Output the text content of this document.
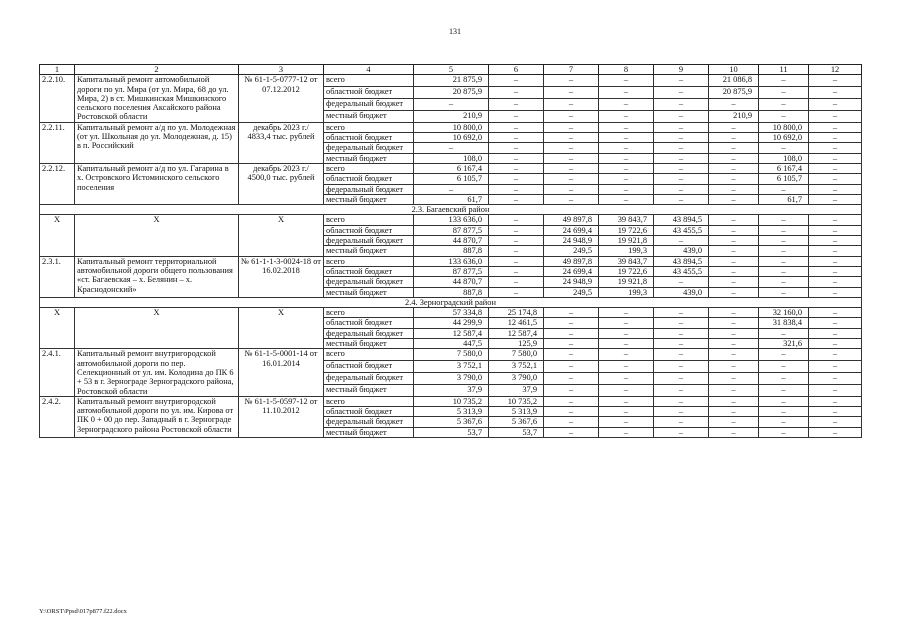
131
1	2	3	4	5	6	7	8	9	10	11	12
2.2.10.	Капитальный ремонт автомобильной дороги по ул. Мира (от ул. Мира, 68 до ул. Мира, 2) в ст. Мишкинская Мишкинского сельского поселения Аксайского района Ростовской области	№ 61-1-5-0777-12 от 07.12.2012	всего	21 875,9	–	–	–	–	21 086,8	–	–
			областной бюджет	20 875,9	–	–	–	–	20 875,9	–	–
			федеральный бюджет	–	–	–	–	–	–	–	–
			местный бюджет	210,9	–	–	–	–	210,9	–	–
2.2.11.	Капитальный ремонт а/д по ул. Молодежная (от ул. Школьная до ул. Молодежная, д. 15) в п. Российский	декабрь 2023 г./ 4833,4 тыс. рублей	всего	10 800,0	–	–	–	–	–	10 800,0	–
			областной бюджет	10 692,0	–	–	–	–	–	10 692,0	–
			федеральный бюджет	–	–	–	–	–	–	–	–
			местный бюджет	108,0	–	–	–	–	–	108,0	–
2.2.12.	Капитальный ремонт а/д по ул. Гагарина в х. Островского Истоминского сельского поселения	декабрь 2023 г./ 4500,0 тыс. рублей	всего	6 167,4	–	–	–	–	–	6 167,4	–
			областной бюджет	6 105,7	–	–	–	–	–	6 105,7	–
			федеральный бюджет	–	–	–	–	–	–	–	–
			местный бюджет	61,7	–	–	–	–	–	61,7	–
2.3. Багаевский район											
Х	Х	Х	всего	133 636,0	–	49 897,8	39 843,7	43 894,5	–	–	–
			областной бюджет	87 877,5	–	24 699,4	19 722,6	43 455,5	–	–	–
			федеральный бюджет	44 870,7	–	24 948,9	19 921,8	–	–	–	–
			местный бюджет	887,8	–	249,5	199,3	439,0	–	–	–
2.3.1.	Капитальный ремонт территориальной автомобильной дороги общего пользования «ст. Багаевская – х. Белянин – х. Краснодонский»	№ 61-1-1-3-0024-18 от 16.02.2018	всего	133 636,0	–	49 897,8	39 843,7	43 894,5	–	–	–
			областной бюджет	87 877,5	–	24 699,4	19 722,6	43 455,5	–	–	–
			федеральный бюджет	44 870,7	–	24 948,9	19 921,8	–	–	–	–
			местный бюджет	887,8	–	249,5	199,3	439,0	–	–	–
2.4. Зерноградский район											
Х	Х	Х	всего	57 334,8	25 174,8	–	–	–	–	32 160,0	–
			областной бюджет	44 299,9	12 461,5	–	–	–	–	31 838,4	–
			федеральный бюджет	12 587,4	12 587,4	–	–	–	–	–	–
			местный бюджет	447,5	125,9	–	–	–	–	321,6	–
2.4.1.	Капитальный ремонт внутригородской автомобильной дороги по пер. Селекционный от ул. им. Колодина до ПК 6 + 53 в г. Зернограде Зерноградского района, Ростовской области	№ 61-1-5-0001-14 от 16.01.2014	всего	7 580,0	7 580,0	–	–	–	–	–	–
			областной бюджет	3 752,1	3 752,1	–	–	–	–	–	–
			федеральный бюджет	3 790,0	3 790,0	–	–	–	–	–	–
			местный бюджет	37,9	37,9	–	–	–	–	–	–
2.4.2.	Капитальный ремонт внутригородской автомобильной дороги по ул. им. Кирова от ПК 0 + 00 до пер. Западный в г. Зернограде Зерноградского района Ростовской области	№ 61-1-5-0597-12 от 11.10.2012	всего	10 735,2	10 735,2	–	–	–	–	–	–
			областной бюджет	5 313,9	5 313,9	–	–	–	–	–	–
			федеральный бюджет	5 367,6	5 367,6	–	–	–	–	–	–
			местный бюджет	53,7	53,7	–	–	–	–	–	–
Y:\ORST\Ppsd\017p877.f22.docx
